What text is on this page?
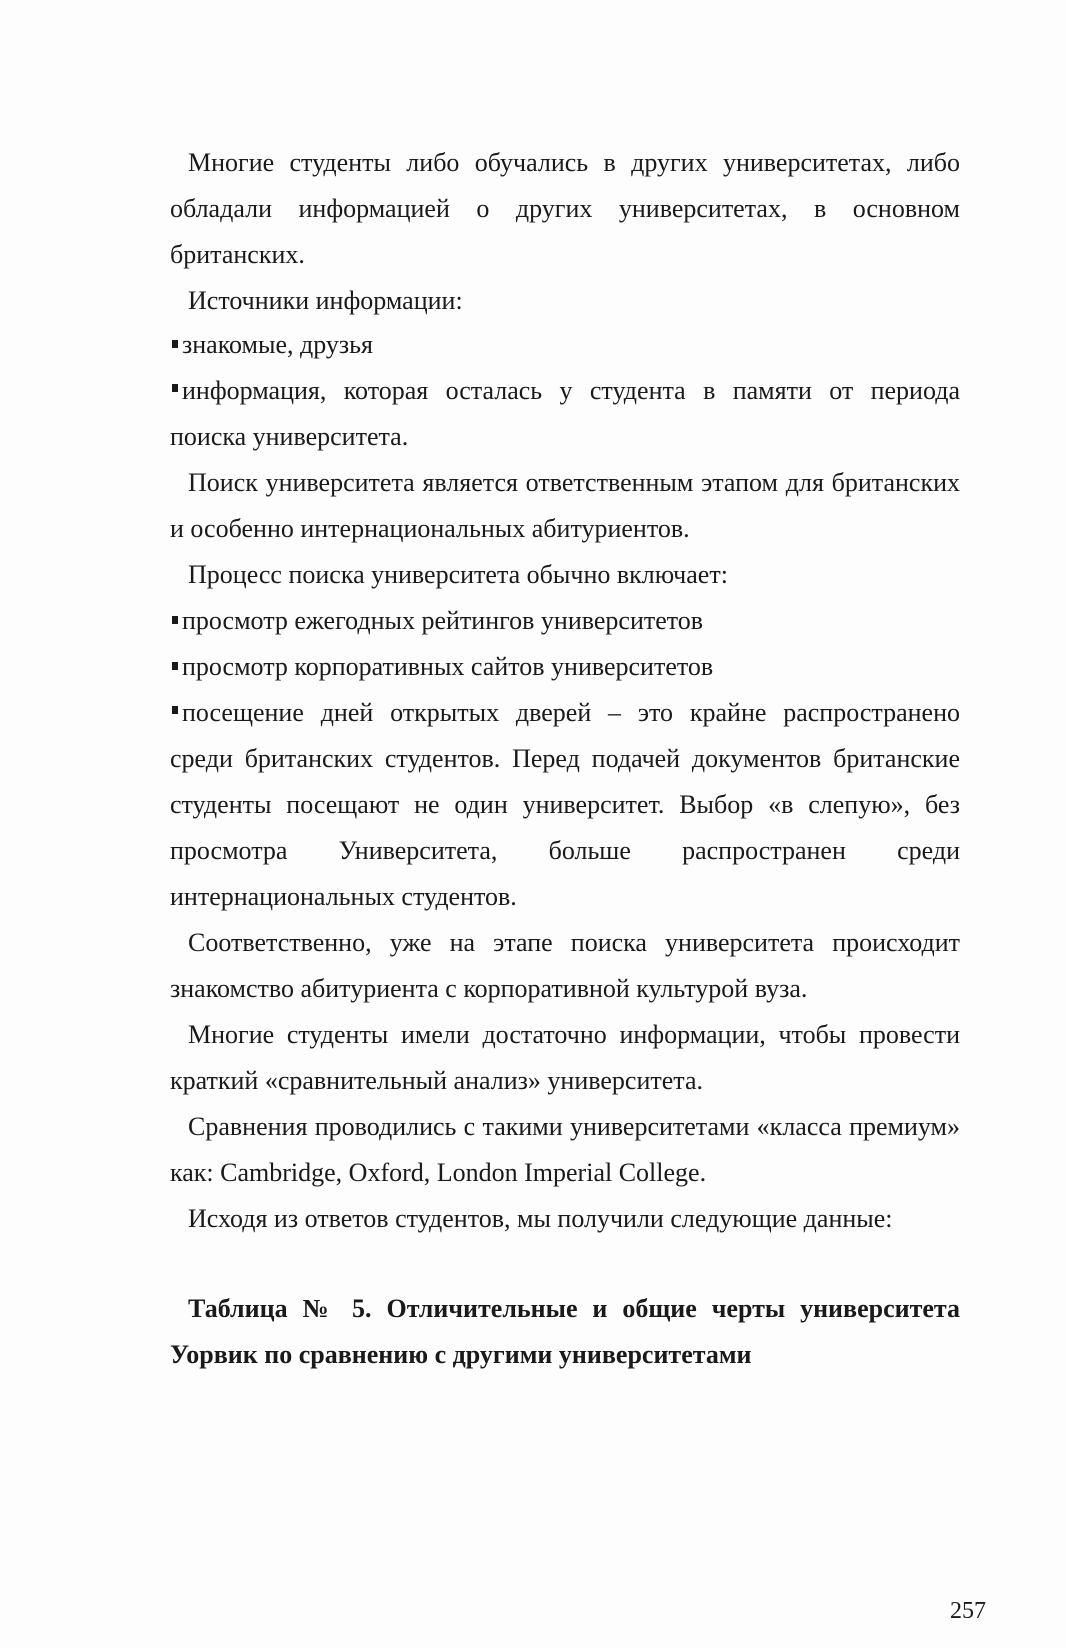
Многие студенты либо обучались в других университетах, либо
обладали информацией о других университетах, в основном
британских.
Источники информации:
знакомые, друзья
информация, которая осталась у студента в памяти от периода
поиска университета.
Поиск университета является ответственным этапом для британских
и особенно интернациональных абитуриентов.
Процесс поиска университета обычно включает:
просмотр ежегодных рейтингов университетов
просмотр корпоративных сайтов университетов
посещение дней открытых дверей – это крайне распространено
среди британских студентов. Перед подачей документов британские
студенты посещают не один университет. Выбор «в слепую», без
просмотра Университета, больше распространен среди
интернациональных студентов.
Соответственно, уже на этапе поиска университета происходит
знакомство абитуриента с корпоративной культурой вуза.
Многие студенты имели достаточно информации, чтобы провести
краткий «сравнительный анализ» университета.
Сравнения проводились с такими университетами «класса премиум»
как: Cambridge, Oxford, London Imperial College.
Исходя из ответов студентов, мы получили следующие данные:
Таблица № 5. Отличительные и общие черты университета
Уорвик по сравнению с другими университетами
257
